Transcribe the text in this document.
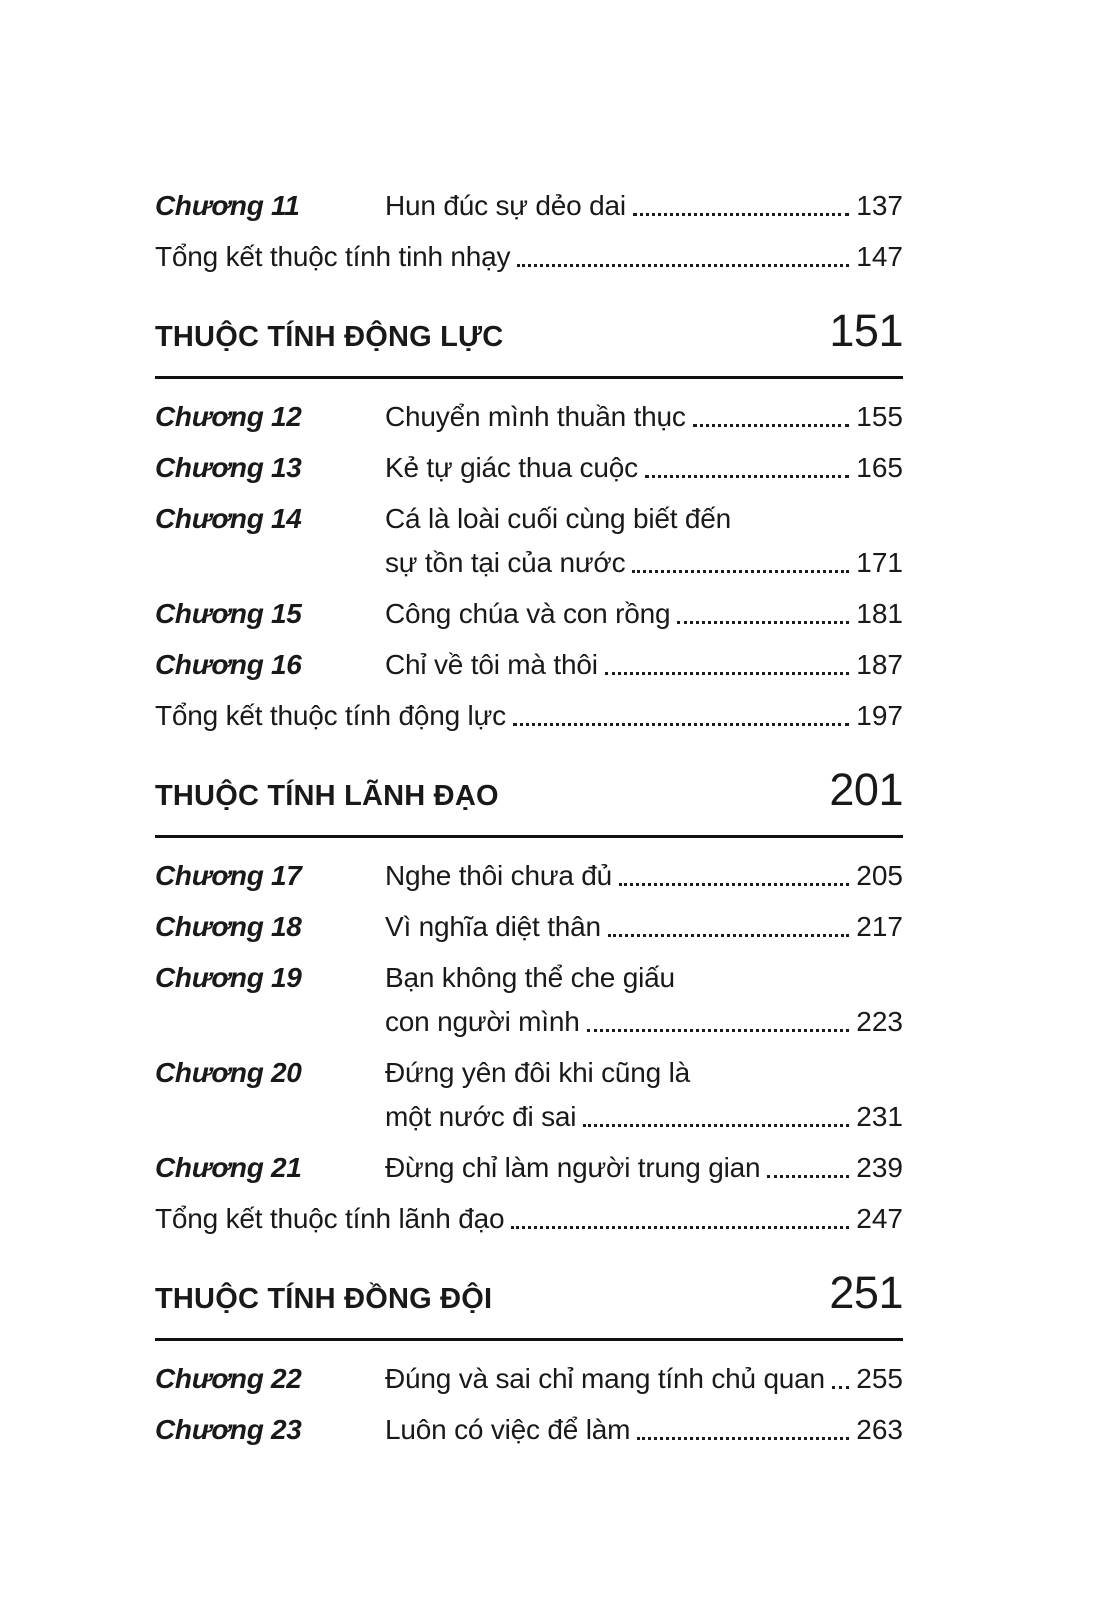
Chương 11	Hun đúc sự dẻo dai	137
Tổng kết thuộc tính tinh nhạy	147
THUỘC TÍNH ĐỘNG LỰC	151
Chương 12	Chuyển mình thuần thục	155
Chương 13	Kẻ tự giác thua cuộc	165
Chương 14	Cá là loài cuối cùng biết đến
sự tồn tại của nước	171
Chương 15	Công chúa và con rồng	181
Chương 16	Chỉ về tôi mà thôi	187
Tổng kết thuộc tính động lực	197
THUỘC TÍNH LÃNH ĐẠO	201
Chương 17	Nghe thôi chưa đủ	205
Chương 18	Vì nghĩa diệt thân	217
Chương 19	Bạn không thể che giấu
con người mình	223
Chương 20	Đứng yên đôi khi cũng là
một nước đi sai	231
Chương 21	Đừng chỉ làm người trung gian	239
Tổng kết thuộc tính lãnh đạo	247
THUỘC TÍNH ĐỒNG ĐỘI	251
Chương 22	Đúng và sai chỉ mang tính chủ quan 255
Chương 23	Luôn có việc để làm	263
